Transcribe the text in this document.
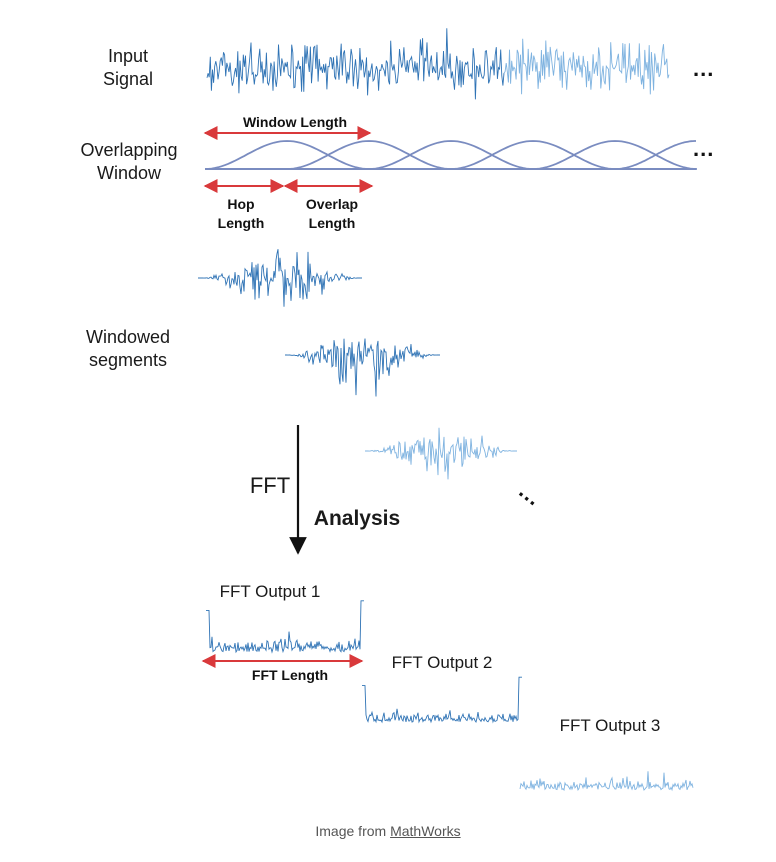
Input
Signal
Overlapping
Window
Window Length
Hop
Length
Overlap
Length
Windowed
segments
FFT
Analysis
FFT Output 1
FFT Output 2
FFT Output 3
FFT Length
...
...
...
Image from MathWorks
